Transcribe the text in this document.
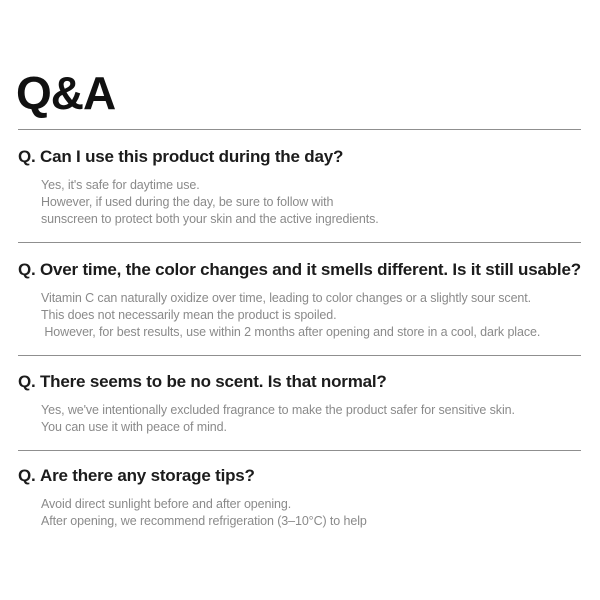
Q&A

Q. Can I use this product during the day?

Yes, it's safe for daytime use.
However, if used during the day, be sure to follow with
sunscreen to protect both your skin and the active ingredients.

Q. Over time, the color changes and it smells different. Is it still usable?

Vitamin C can naturally oxidize over time, leading to color changes or a slightly sour scent.
This does not necessarily mean the product is spoiled.
However, for best results, use within 2 months after opening and store in a cool, dark place.

Q. There seems to be no scent. Is that normal?

Yes, we've intentionally excluded fragrance to make the product safer for sensitive skin.
You can use it with peace of mind.

Q. Are there any storage tips?

Avoid direct sunlight before and after opening.
After opening, we recommend refrigeration (3–10°C) to help
